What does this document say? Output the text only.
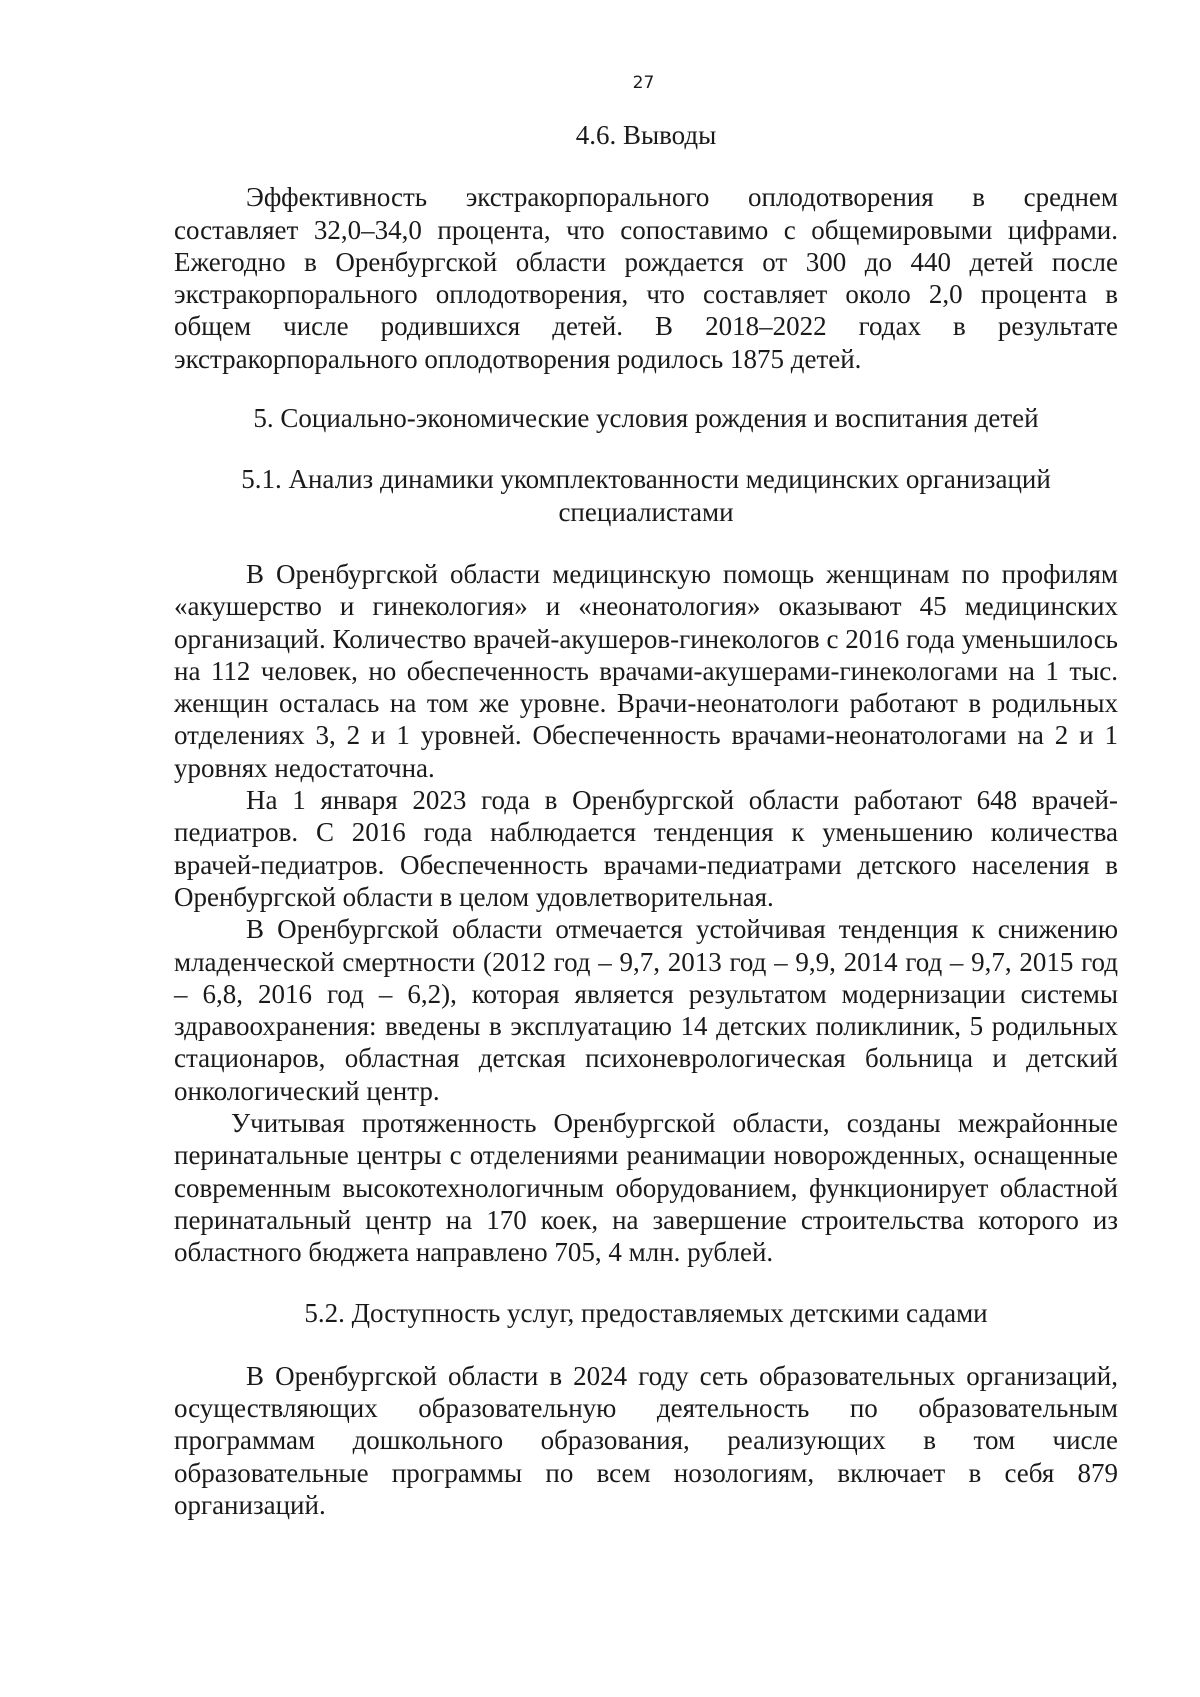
27

4.6. Выводы

Эффективность экстракорпорального оплодотворения в среднем составляет 32,0–34,0 процента, что сопоставимо с общемировыми цифрами. Ежегодно в Оренбургской области рождается от 300 до 440 детей после экстракорпорального оплодотворения, что составляет около 2,0 процента в общем числе родившихся детей. В 2018–2022 годах в результате экстракорпорального оплодотворения родилось 1875 детей.

5. Социально-экономические условия рождения и воспитания детей

5.1. Анализ динамики укомплектованности медицинских организаций
специалистами

В Оренбургской области медицинскую помощь женщинам по профилям «акушерство и гинекология» и «неонатология» оказывают 45 медицинских организаций. Количество врачей-акушеров-гинекологов с 2016 года уменьшилось на 112 человек, но обеспеченность врачами-акушерами-гинекологами на 1 тыс. женщин осталась на том же уровне. Врачи-неонатологи работают в родильных отделениях 3, 2 и 1 уровней. Обеспеченность врачами-неонатологами на 2 и 1 уровнях недостаточна.

На 1 января 2023 года в Оренбургской области работают 648 врачей-педиатров. С 2016 года наблюдается тенденция к уменьшению количества врачей-педиатров. Обеспеченность врачами-педиатрами детского населения в Оренбургской области в целом удовлетворительная.

В Оренбургской области отмечается устойчивая тенденция к снижению младенческой смертности (2012 год – 9,7, 2013 год – 9,9, 2014 год – 9,7, 2015 год – 6,8, 2016 год – 6,2), которая является результатом модернизации системы здравоохранения: введены в эксплуатацию 14 детских поликлиник, 5 родильных стационаров, областная детская психоневрологическая больница и детский онкологический центр.

Учитывая протяженность Оренбургской области, созданы межрайонные перинатальные центры с отделениями реанимации новорожденных, оснащенные современным высокотехнологичным оборудованием, функционирует областной перинатальный центр на 170 коек, на завершение строительства которого из областного бюджета направлено 705, 4 млн. рублей.

5.2. Доступность услуг, предоставляемых детскими садами

В Оренбургской области в 2024 году сеть образовательных организаций, осуществляющих образовательную деятельность по образовательным программам дошкольного образования, реализующих в том числе образовательные программы по всем нозологиям, включает в себя 879 организаций.
